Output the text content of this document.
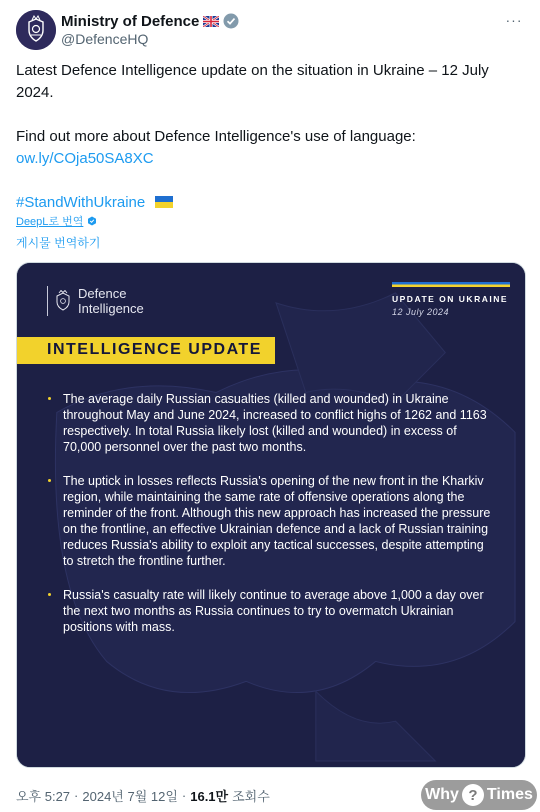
Ministry of Defence
@DefenceHQ
···

Latest Defence Intelligence update on the situation in Ukraine – 12 July 2024.

Find out more about Defence Intelligence's use of language:

ow.ly/COja50SA8XC

#StandWithUkraine

DeepL로 번역
게시물 번역하기
Defence
Intelligence
UPDATE ON UKRAINE
12 July 2024
INTELLIGENCE UPDATE
The average daily Russian casualties (killed and wounded) in Ukraine throughout May and June 2024, increased to conflict highs of 1262 and 1163 respectively. In total Russia likely lost (killed and wounded) in excess of 70,000 personnel over the past two months.
The uptick in losses reflects Russia's opening of the new front in the Kharkiv region, while maintaining the same rate of offensive operations along the reminder of the front. Although this new approach has increased the pressure on the frontline, an effective Ukrainian defence and a lack of Russian training reduces Russia's ability to exploit any tactical successes, despite attempting to stretch the frontline further.
Russia's casualty rate will likely continue to average above 1,000 a day over the next two months as Russia continues to try to overmatch Ukrainian positions with mass.
오후 5:27 · 2024년 7월 12일 · 16.1만 조회수	Why ? Times
